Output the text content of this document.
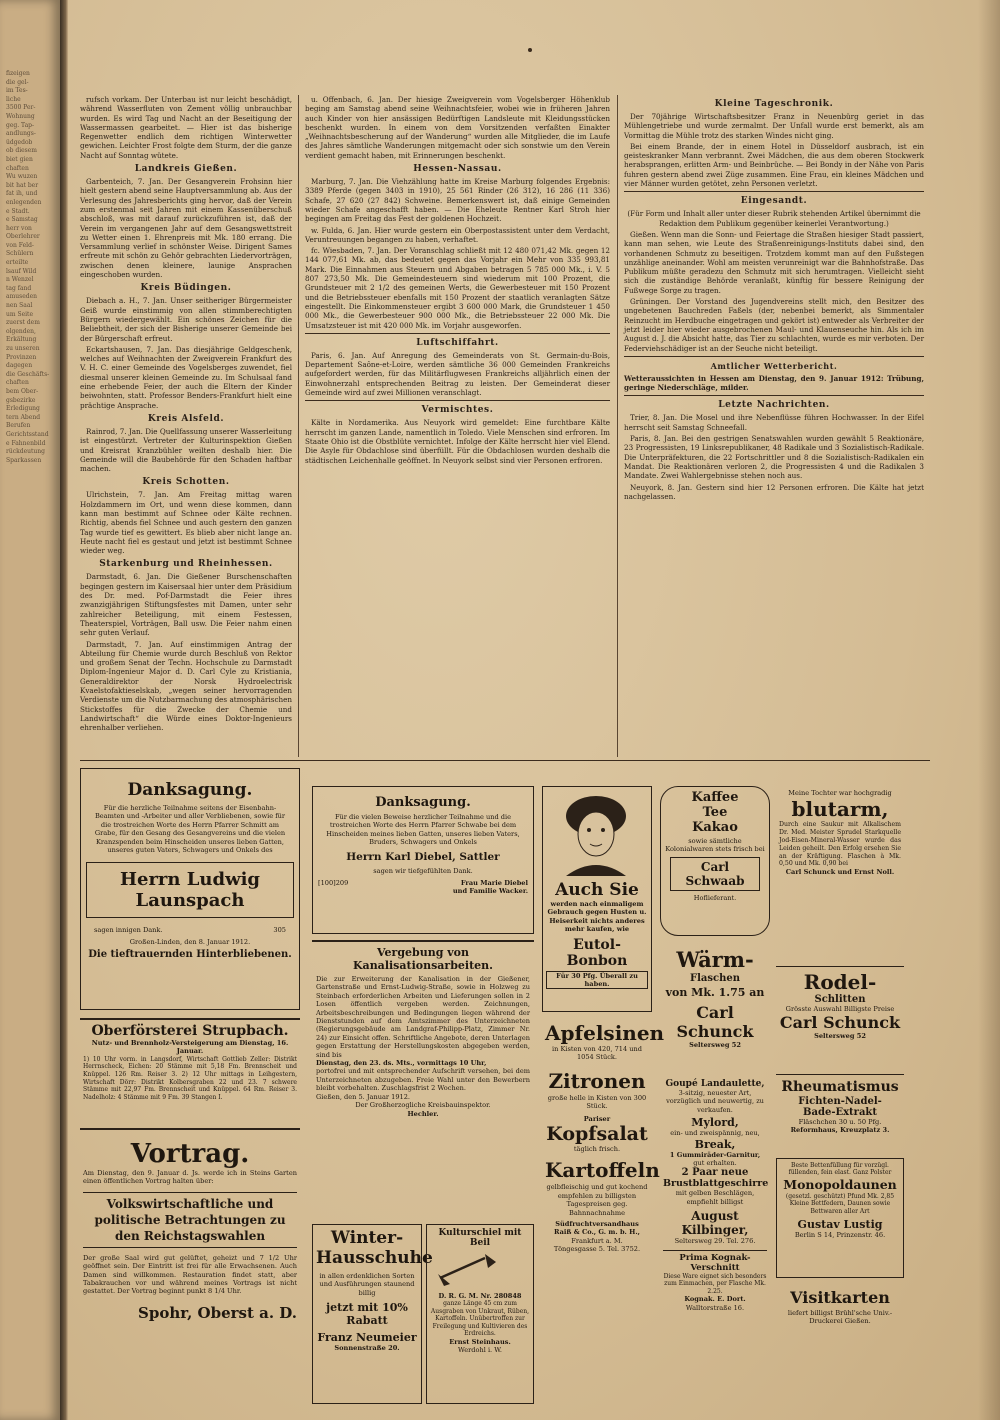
fizeigen
die gel-
im Tes-
liche
3500 Per-
Wohnung
geg. Tap-
andlungs-
üdgedob
ob diesem
biet gien
chaften
Wu wuzen
bit hat ber
fat ih, und
enlegenden
e Stadt.
e Samstag
herr von
Oberlehrer
von Feld-
Schülern
erteilte
lsauf Wild
n Wenzel
tag fand
amuseden
nen Saal
um Seite
zuerst dem
olgenden,
Erkältung
zu unseren
Provinzen
dagegen
die Geschäfts-
chaften
bem Ober-
gsbezirke
Erledigung
tern Abend
Berufen
Gerichtsstand
e Fahnenbild
rückdeutung
Sparkassen

rufsch vorkam. Der Unterbau ist nur leicht beschädigt, während Wasserfluten von Zement völlig unbrauchbar wurden. Es wird Tag und Nacht an der Beseitigung der Wassermassen gearbeitet. — Hier ist das bisherige Regenwetter endlich dem richtigen Winterwetter gewichen. Leichter Frost folgte dem Sturm, der die ganze Nacht auf Sonntag wütete.

Landkreis Gießen.

Garbenteich, 7. Jan. Der Gesangverein Frohsinn hier hielt gestern abend seine Hauptversammlung ab. Aus der Verlesung des Jahresberichts ging hervor, daß der Verein zum erstenmal seit Jahren mit einem Kassenüberschuß abschloß, was mit darauf zurückzuführen ist, daß der Verein im vergangenen Jahr auf dem Gesangswettstreit zu Wetter einen 1. Ehrenpreis mit Mk. 180 errang. Die Versammlung verlief in schönster Weise. Dirigent Sames erfreute mit schön zu Gehör gebrachten Liedervorträgen, zwischen denen kleinere, launige Ansprachen eingeschoben wurden.

Kreis Büdingen.

Diebach a. H., 7. Jan. Unser seitheriger Bürgermeister Geiß wurde einstimmig von allen stimmberechtigten Bürgern wiedergewählt. Ein schönes Zeichen für die Beliebtheit, der sich der Bisherige unserer Gemeinde bei der Bürgerschaft erfreut.

Eckartshausen, 7. Jan. Das diesjährige Geldgeschenk, welches auf Weihnachten der Zweigverein Frankfurt des V. H. C. einer Gemeinde des Vogelsberges zuwendet, fiel diesmal unserer kleinen Gemeinde zu. Im Schulsaal fand eine erhebende Feier, der auch die Eltern der Kinder beiwohnten, statt. Professor Benders-Frankfurt hielt eine prächtige Ansprache.

Kreis Alsfeld.

Rainrod, 7. Jan. Die Quellfassung unserer Wasserleitung ist eingestürzt. Vertreter der Kulturinspektion Gießen und Kreisrat Kranzbühler weilten deshalb hier. Die Gemeinde will die Baubehörde für den Schaden haftbar machen.

Kreis Schotten.

Ulrichstein, 7. Jan. Am Freitag mittag waren Holzdammern im Ort, und wenn diese kommen, dann kann man bestimmt auf Schnee oder Kälte rechnen. Richtig, abends fiel Schnee und auch gestern den ganzen Tag wurde tief es gewittert. Es blieb aber nicht lange an. Heute nacht fiel es gestaut und jetzt ist bestimmt Schnee wieder weg.

Starkenburg und Rheinhessen.

Darmstadt, 6. Jan. Die Gießener Burschenschaften begingen gestern im Kaisersaal hier unter dem Präsidium des Dr. med. Pof-Darmstadt die Feier ihres zwanzigjährigen Stiftungsfestes mit Damen, unter sehr zahlreicher Beteiligung, mit einem Festessen, Theaterspiel, Vorträgen, Ball usw. Die Feier nahm einen sehr guten Verlauf.

Darmstadt, 7. Jan. Auf einstimmigen Antrag der Abteilung für Chemie wurde durch Beschluß von Rektor und großem Senat der Techn. Hochschule zu Darmstadt Diplom-Ingenieur Major d. D. Carl Cyle zu Kristiania, Generaldirektor der Norsk Hydroelectrisk Kvaelstofaktieselskab, „wegen seiner hervorragenden Verdienste um die Nutzbarmachung des atmosphärischen Stickstoffes für die Zwecke der Chemie und Landwirtschaft“ die Würde eines Doktor-Ingenieurs ehrenhalber verliehen.

u. Offenbach, 6. Jan. Der hiesige Zweigverein vom Vogelsberger Höhenklub beging am Samstag abend seine Weihnachtsfeier, wobei wie in früheren Jahren auch Kinder von hier ansässigen Bedürftigen Landsleute mit Kleidungsstücken beschenkt wurden. In einem von dem Vorsitzenden verfaßten Einakter „Weihnachtsbescherung auf der Wanderung“ wurden alle Mitglieder, die im Laufe des Jahres sämtliche Wanderungen mitgemacht oder sich sonstwie um den Verein verdient gemacht haben, mit Erinnerungen beschenkt.

Hessen-Nassau.

Marburg, 7. Jan. Die Viehzählung hatte im Kreise Marburg folgendes Ergebnis: 3389 Pferde (gegen 3403 in 1910), 25 561 Rinder (26 312), 16 286 (11 336) Schafe, 27 620 (27 842) Schweine. Bemerkenswert ist, daß einige Gemeinden wieder Schafe angeschafft haben. — Die Eheleute Rentner Karl Stroh hier begingen am Freitag das Fest der goldenen Hochzeit.

w. Fulda, 6. Jan. Hier wurde gestern ein Oberpostassistent unter dem Verdacht, Veruntreuungen begangen zu haben, verhaftet.

fc. Wiesbaden, 7. Jan. Der Voranschlag schließt mit 12 480 071,42 Mk. gegen 12 144 077,61 Mk. ab, das bedeutet gegen das Vorjahr ein Mehr von 335 993,81 Mark. Die Einnahmen aus Steuern und Abgaben betragen 5 785 000 Mk., i. V. 5 807 273,50 Mk. Die Gemeindesteuern sind wiederum mit 100 Prozent, die Grundsteuer mit 2 1/2 des gemeinen Werts, die Gewerbesteuer mit 150 Prozent und die Betriebssteuer ebenfalls mit 150 Prozent der staatlich veranlagten Sätze eingestellt. Die Einkommensteuer ergibt 3 600 000 Mark, die Grundsteuer 1 450 000 Mk., die Gewerbesteuer 900 000 Mk., die Betriebssteuer 22 000 Mk. Die Umsatzsteuer ist mit 420 000 Mk. im Vorjahr ausgeworfen.

Luftschiffahrt.

Paris, 6. Jan. Auf Anregung des Gemeinderats von St. Germain-du-Bois, Departement Saône-et-Loire, werden sämtliche 36 000 Gemeinden Frankreichs aufgefordert werden, für das Militärflugwesen Frankreichs alljährlich einen der Einwohnerzahl entsprechenden Beitrag zu leisten. Der Gemeinderat dieser Gemeinde wird auf zwei Millionen veranschlagt.

Vermischtes.

Kälte in Nordamerika. Aus Neuyork wird gemeldet: Eine furchtbare Kälte herrscht im ganzen Lande, namentlich in Toledo. Viele Menschen sind erfroren. Im Staate Ohio ist die Obstblüte vernichtet. Infolge der Kälte herrscht hier viel Elend. Die Asyle für Obdachlose sind überfüllt. Für die Obdachlosen wurden deshalb die städtischen Leichenhalle geöffnet. In Neuyork selbst sind vier Personen erfroren.

Kleine Tageschronik.

Der 70jährige Wirtschaftsbesitzer Franz in Neuenbürg geriet in das Mühlengetriebe und wurde zermalmt. Der Unfall wurde erst bemerkt, als am Vormittag die Mühle trotz des starken Windes nicht ging.

Bei einem Brande, der in einem Hotel in Düsseldorf ausbrach, ist ein geisteskranker Mann verbrannt. Zwei Mädchen, die aus dem oberen Stockwerk herabsprangen, erlitten Arm- und Beinbrüche. — Bei Bondy in der Nähe von Paris fuhren gestern abend zwei Züge zusammen. Eine Frau, ein kleines Mädchen und vier Männer wurden getötet, zehn Personen verletzt.

Eingesandt.

(Für Form und Inhalt aller unter dieser Rubrik stehenden Artikel übernimmt die Redaktion dem Publikum gegenüber keinerlei Verantwortung.)

Gießen. Wenn man die Sonn- und Feiertage die Straßen hiesiger Stadt passiert, kann man sehen, wie Leute des Straßenreinigungs-Instituts dabei sind, den vorhandenen Schmutz zu beseitigen. Trotzdem kommt man auf den Fußstegen unzählige aneinander. Wohl am meisten verunreinigt war die Bahnhofstraße. Das Publikum müßte geradezu den Schmutz mit sich herumtragen. Vielleicht sieht sich die zuständige Behörde veranlaßt, künftig für bessere Reinigung der Fußwege Sorge zu tragen.

Grüningen. Der Vorstand des Jugendvereins stellt mich, den Besitzer des ungebetenen Bauchreden Faßels (der, nebenbei bemerkt, als Simmentaler Reinzucht im Herdbuche eingetragen und gekört ist) entweder als Verbreiter der jetzt leider hier wieder ausgebrochenen Maul- und Klauenseuche hin. Als ich im August d. J. die Absicht hatte, das Tier zu schlachten, wurde es mir verboten. Der Federviehschädiger ist an der Seuche nicht beteiligt.

Amtlicher Wetterbericht.

Wetteraussichten in Hessen am Dienstag, den 9. Januar 1912: Trübung, geringe Niederschläge, milder.

Letzte Nachrichten.

Trier, 8. Jan. Die Mosel und ihre Nebenflüsse führen Hochwasser. In der Eifel herrscht seit Samstag Schneefall.

Paris, 8. Jan. Bei den gestrigen Senatswahlen wurden gewählt 5 Reaktionäre, 23 Progressisten, 19 Linksrepublikaner, 48 Radikale und 3 Sozialistisch-Radikale. Die Unterpräfekturen, die 22 Fortschrittler und 8 die Sozialistisch-Radikalen ein Mandat. Die Reaktionären verloren 2, die Progressisten 4 und die Radikalen 3 Mandate. Zwei Wahlergebnisse stehen noch aus.

Neuyork, 8. Jan. Gestern sind hier 12 Personen erfroren. Die Kälte hat jetzt nachgelassen.

Danksagung.
Für die herzliche Teilnahme seitens der Eisenbahn-Beamten und -Arbeiter und aller Verbliebenen, sowie für die trostreichen Worte des Herrn Pfarrer Schmitt am Grabe, für den Gesang des Gesangvereins und die vielen Kranzspenden beim Hinscheiden unseres lieben Gatten, unseres guten Vaters, Schwagers und Onkels des
Herrn Ludwig Launspach
sagen innigen Dank.	305
Großen-Linden, den 8. Januar 1912.
Die tieftrauernden Hinterbliebenen.
Danksagung.
Für die vielen Beweise herzlicher Teilnahme und die trostreichen Worte des Herrn Pfarrer Schwabe bei dem Hinscheiden meines lieben Gatten, unseres lieben Vaters, Bruders, Schwagers und Onkels
Herrn Karl Diebel, Sattler
sagen wir tiefgefühlten Dank.
[100]209	Frau Marie Diebel
und Familie Wacker.
Vergebung von Kanalisationsarbeiten.
Die zur Erweiterung der Kanalisation in der Gießener, Gartenstraße und Ernst-Ludwig-Straße, sowie in Holzweg zu Steinbach erforderlichen Arbeiten und Lieferungen sollen in 2 Losen öffentlich vergeben werden. Zeichnungen, Arbeitsbeschreibungen und Bedingungen liegen während der Dienststunden auf dem Amtszimmer des Unterzeichneten (Regierungsgebäude am Landgraf-Philipp-Platz, Zimmer Nr. 24) zur Einsicht offen. Schriftliche Angebote, deren Unterlagen gegen Erstattung der Herstellungskosten abgegeben werden, sind bis
Dienstag, den 23. ds. Mts., vormittags 10 Uhr,
portofrei und mit entsprechender Aufschrift versehen, bei dem Unterzeichneten abzugeben. Freie Wahl unter den Bewerbern bleibt vorbehalten. Zuschlagsfrist 2 Wochen.
Gießen, den 5. Januar 1912.
Der Großherzogliche Kreisbauinspektor.
Hechler.
Oberförsterei Strupbach.
Nutz- und Brennholz-Versteigerung am Dienstag, 16. Januar.
1) 10 Uhr vorm. in Langsdorf, Wirtschaft Gottlieb Zeller: Distrikt Herrnscheck, Eichen: 20 Stämme mit 5,18 Fm. Brennscheit und Knüppel. 126 Rm. Reiser 3. 2) 12 Uhr mittags in Leihgestern, Wirtschaft Dörr: Distrikt Kolbersgraben 22 und 23. 7 schwere Stämme mit 22,97 Fm. Brennscheit und Knüppel. 64 Rm. Reiser 3. Nadelholz: 4 Stämme mit 9 Fm. 39 Stangen I.
Vortrag.
Am Dienstag, den 9. Januar d. Js. werde ich in Steins Garten einen öffentlichen Vortrag halten über:
Volkswirtschaftliche und politische Betrachtungen zu den Reichstagswahlen
Der große Saal wird gut gelüftet, geheizt und 7 1/2 Uhr geöffnet sein. Der Eintritt ist frei für alle Erwachsenen. Auch Damen sind willkommen. Restauration findet statt, aber Tabakrauchen vor und während meines Vortrags ist nicht gestattet. Der Vortrag beginnt punkt 8 1/4 Uhr.
Spohr, Oberst a. D.
Winter-Hausschuhe
in allen erdenklichen Sorten und Ausführungen staunend billig
jetzt mit 10% Rabatt
Franz Neumeier
Sonnenstraße 20.
Kulturschiel mit Beil
D. R. G. M. Nr. 280848
ganze Länge 45 cm zum Ausgraben von Unkraut, Rüben, Kartoffeln. Unübertroffen zur Freilegung und Kultivieren des Erdreichs.
Ernst Steinhaus.
Werdohl i. W.
Auch Sie
werden nach einmaligem Gebrauch gegen Husten u. Heiserkeit nichts anderes mehr kaufen, wie
Eutol-Bonbon
Für 30 Pfg. Überall zu haben.
Apfelsinen
in Kisten von 420, 714 und 1054 Stück.
Zitronen
große helle in Kisten von 300 Stück.
Pariser
Kopfsalat
täglich frisch.
Kartoffeln
gelbfleischig und gut kochend empfehlen zu billigsten Tagespreisen geg. Bahnnachnahme
Südfruchtversandhaus
Raiß & Co., G. m. b. H.,
Frankfurt a. M.
Töngesgasse 5. Tel. 3752.
Kaffee
Tee
Kakao
sowie sämtliche Kolonialwaren stets frisch bei
Carl Schwaab
Hoflieferant.
Wärm-
Flaschen
von Mk. 1.75 an
Carl Schunck
Seltersweg 52
Goupé Landaulette,
3-sitzig, neuester Art, vorzüglich und neuwertig, zu verkaufen.
Mylord,
ein- und zweispännig, neu,
Break,
1 Gummiräder-Garnitur,
gut erhalten.
2 Paar neue
Brustblattgeschirre
mit gelben Beschlägen, empfiehlt billigst
August Kilbinger,
Seltersweg 29. Tel. 276.
Prima Kognak-Verschnitt
Diese Ware eignet sich besonders zum Einmachen, per Flasche Mk. 2.25.
Kognak. E. Dort.
Walltorstraße 16.
Meine Tochter war hochgradig
blutarm,
Durch eine Saukur mit Alkalischem Dr. Med. Meister Sprudel Starkquelle Jod-Eisen-Mineral-Wasser wurde das Leiden geheilt. Den Erfolg ersehen Sie an der Kräftigung. Flaschen à Mk. 0,50 und Mk. 0,90 bei
Carl Schunck und Ernst Noll.
Rodel-
Schlitten
Grösste Auswahl Billigste Preise
Carl Schunck
Seltersweg 52
Rheumatismus
Fichten-Nadel-
Bade-Extrakt
Fläschchen 30 u. 50 Pfg.
Reformhaus, Kreuzplatz 3.
Beste Bettenfüllung für vorzügl. füllenden, fein elast. Ganz Polster
Monopoldaunen
(gesetzl. geschützt) Pfund Mk. 2,85 Kleine Bettfedern, Daunen sowie Bettwaren aller Art
Gustav Lustig
Berlin S 14, Prinzenstr. 46.
Visitkarten
liefert billigst Brühl'sche Univ.-Druckerei Gießen.
